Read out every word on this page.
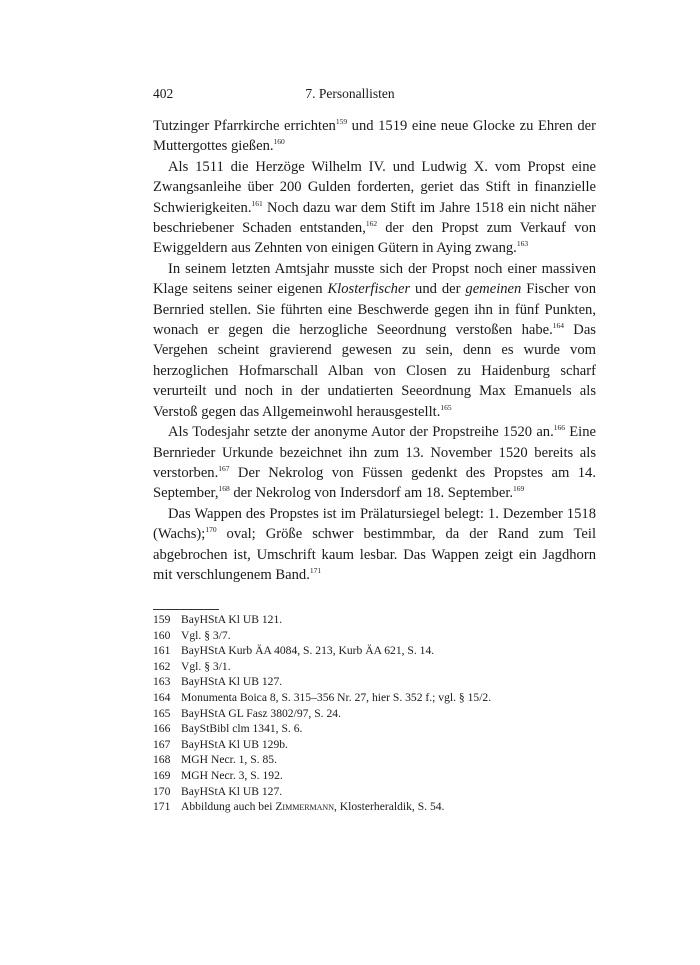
402	7. Personallisten

Tutzinger Pfarrkirche errichten$^{159}$ und 1519 eine neue Glocke zu Ehren der Muttergottes gießen.$^{160}$

Als 1511 die Herzöge Wilhelm IV. und Ludwig X. vom Propst eine Zwangsanleihe über 200 Gulden forderten, geriet das Stift in finanzielle Schwierigkeiten.$^{161}$ Noch dazu war dem Stift im Jahre 1518 ein nicht näher beschriebener Schaden entstanden,$^{162}$ der den Propst zum Verkauf von Ewiggeldern aus Zehnten von einigen Gütern in Aying zwang.$^{163}$

In seinem letzten Amtsjahr musste sich der Propst noch einer massiven Klage seitens seiner eigenen Klosterfischer und der gemeinen Fischer von Bernried stellen. Sie führten eine Beschwerde gegen ihn in fünf Punkten, wonach er gegen die herzogliche Seeordnung verstoßen habe.$^{164}$ Das Vergehen scheint gravierend gewesen zu sein, denn es wurde vom herzoglichen Hofmarschall Alban von Closen zu Haidenburg scharf verurteilt und noch in der undatierten Seeordnung Max Emanuels als Verstoß gegen das Allgemeinwohl herausgestellt.$^{165}$

Als Todesjahr setzte der anonyme Autor der Propstreihe 1520 an.$^{166}$ Eine Bernrieder Urkunde bezeichnet ihn zum 13. November 1520 bereits als verstorben.$^{167}$ Der Nekrolog von Füssen gedenkt des Propstes am 14. September,$^{168}$ der Nekrolog von Indersdorf am 18. September.$^{169}$

Das Wappen des Propstes ist im Prälatursiegel belegt: 1. Dezember 1518 (Wachs);$^{170}$ oval; Größe schwer bestimmbar, da der Rand zum Teil abgebrochen ist, Umschrift kaum lesbar. Das Wappen zeigt ein Jagdhorn mit verschlungenem Band.$^{171}$

159 BayHStA Kl UB 121.
160 Vgl. § 3/7.
161 BayHStA Kurb ÄA 4084, S. 213, Kurb ÄA 621, S. 14.
162 Vgl. § 3/1.
163 BayHStA Kl UB 127.
164 Monumenta Boica 8, S. 315–356 Nr. 27, hier S. 352 f.; vgl. § 15/2.
165 BayHStA GL Fasz 3802/97, S. 24.
166 BayStBibl clm 1341, S. 6.
167 BayHStA Kl UB 129b.
168 MGH Necr. 1, S. 85.
169 MGH Necr. 3, S. 192.
170 BayHStA Kl UB 127.
171 Abbildung auch bei Zimmermann, Klosterheraldik, S. 54.
